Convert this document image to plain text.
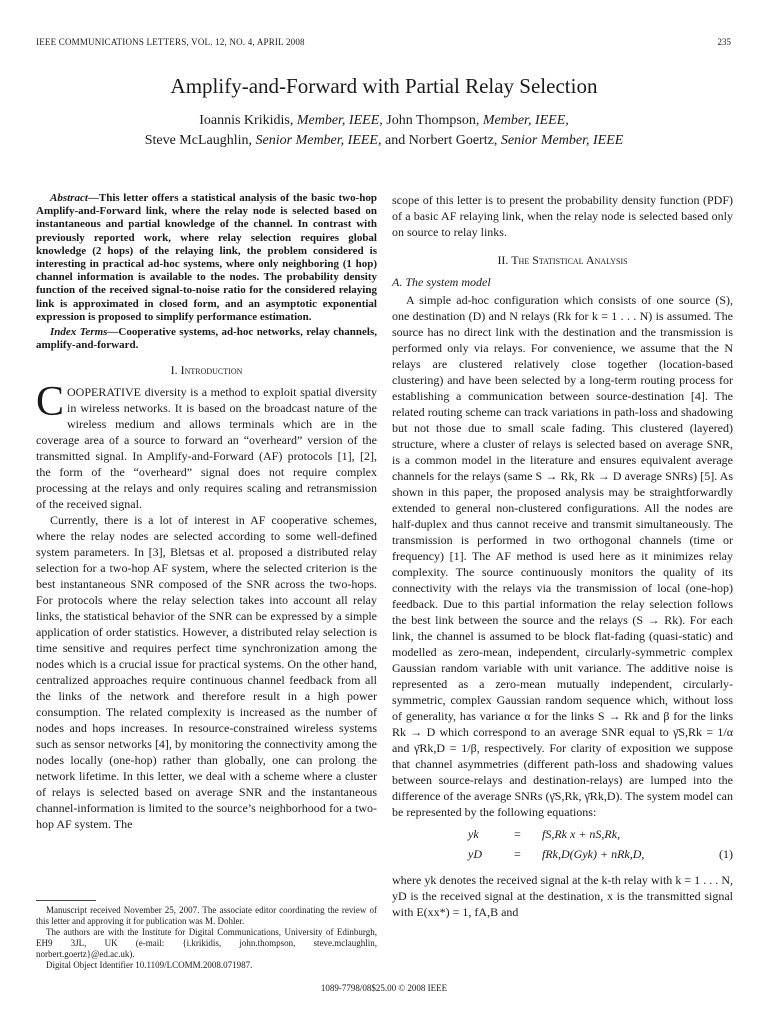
IEEE COMMUNICATIONS LETTERS, VOL. 12, NO. 4, APRIL 2008	235
Amplify-and-Forward with Partial Relay Selection
Ioannis Krikidis, Member, IEEE, John Thompson, Member, IEEE,
Steve McLaughlin, Senior Member, IEEE, and Norbert Goertz, Senior Member, IEEE

Abstract—This letter offers a statistical analysis of the basic two-hop Amplify-and-Forward link, where the relay node is selected based on instantaneous and partial knowledge of the channel. In contrast with previously reported work, where relay selection requires global knowledge (2 hops) of the relaying link, the problem considered is interesting in practical ad-hoc systems, where only neighboring (1 hop) channel information is available to the nodes. The probability density function of the received signal-to-noise ratio for the considered relaying link is approximated in closed form, and an asymptotic exponential expression is proposed to simplify performance estimation.

Index Terms—Cooperative systems, ad-hoc networks, relay channels, amplify-and-forward.

I. Introduction

COOPERATIVE diversity is a method to exploit spatial diversity in wireless networks. It is based on the broadcast nature of the wireless medium and allows terminals which are in the coverage area of a source to forward an “overheard” version of the transmitted signal. In Amplify-and-Forward (AF) protocols [1], [2], the form of the “overheard” signal does not require complex processing at the relays and only requires scaling and retransmission of the received signal.

Currently, there is a lot of interest in AF cooperative schemes, where the relay nodes are selected according to some well-defined system parameters. In [3], Bletsas et al. proposed a distributed relay selection for a two-hop AF system, where the selected criterion is the best instantaneous SNR composed of the SNR across the two-hops. For protocols where the relay selection takes into account all relay links, the statistical behavior of the SNR can be expressed by a simple application of order statistics. However, a distributed relay selection is time sensitive and requires perfect time synchronization among the nodes which is a crucial issue for practical systems. On the other hand, centralized approaches require continuous channel feedback from all the links of the network and therefore result in a high power consumption. The related complexity is increased as the number of nodes and hops increases. In resource-constrained wireless systems such as sensor networks [4], by monitoring the connectivity among the nodes locally (one-hop) rather than globally, one can prolong the network lifetime. In this letter, we deal with a scheme where a cluster of relays is selected based on average SNR and the instantaneous channel-information is limited to the source’s neighborhood for a two-hop AF system. The

Manuscript received November 25, 2007. The associate editor coordinating the review of this letter and approving it for publication was M. Dohler.

The authors are with the Institute for Digital Communications, University of Edinburgh, EH9 3JL, UK (e-mail: {i.krikidis, john.thompson, steve.mclaughlin, norbert.goertz}@ed.ac.uk).

Digital Object Identifier 10.1109/LCOMM.2008.071987.

scope of this letter is to present the probability density function (PDF) of a basic AF relaying link, when the relay node is selected based only on source to relay links.

II. The Statistical Analysis
A. The system model

A simple ad-hoc configuration which consists of one source (S), one destination (D) and N relays (Rk for k = 1 . . . N) is assumed. The source has no direct link with the destination and the transmission is performed only via relays. For convenience, we assume that the N relays are clustered relatively close together (location-based clustering) and have been selected by a long-term routing process for establishing a communication between source-destination [4]. The related routing scheme can track variations in path-loss and shadowing but not those due to small scale fading. This clustered (layered) structure, where a cluster of relays is selected based on average SNR, is a common model in the literature and ensures equivalent average channels for the relays (same S → Rk, Rk → D average SNRs) [5]. As shown in this paper, the proposed analysis may be straightforwardly extended to general non-clustered configurations. All the nodes are half-duplex and thus cannot receive and transmit simultaneously. The transmission is performed in two orthogonal channels (time or frequency) [1]. The AF method is used here as it minimizes relay complexity. The source continuously monitors the quality of its connectivity with the relays via the transmission of local (one-hop) feedback. Due to this partial information the relay selection follows the best link between the source and the relays (S → Rk). For each link, the channel is assumed to be block flat-fading (quasi-static) and modelled as zero-mean, independent, circularly-symmetric complex Gaussian random variable with unit variance. The additive noise is represented as a zero-mean mutually independent, circularly-symmetric, complex Gaussian random sequence which, without loss of generality, has variance α for the links S → Rk and β for the links Rk → D which correspond to an average SNR equal to γ̄S,Rk = 1/α and γ̄Rk,D = 1/β, respectively. For clarity of exposition we suppose that channel asymmetries (different path-loss and shadowing values between source-relays and destination-relays) are lumped into the difference of the average SNRs (γ̄S,Rk, γ̄Rk,D). The system model can be represented by the following equations:

yk	= fS,Rk x + nS,Rk,
yD	= fRk,D(Gyk) + nRk,D,	(1)

where yk denotes the received signal at the k-th relay with k = 1 . . . N, yD is the received signal at the destination, x is the transmitted signal with E(xx*) = 1, fA,B and

1089-7798/08$25.00 © 2008 IEEE
